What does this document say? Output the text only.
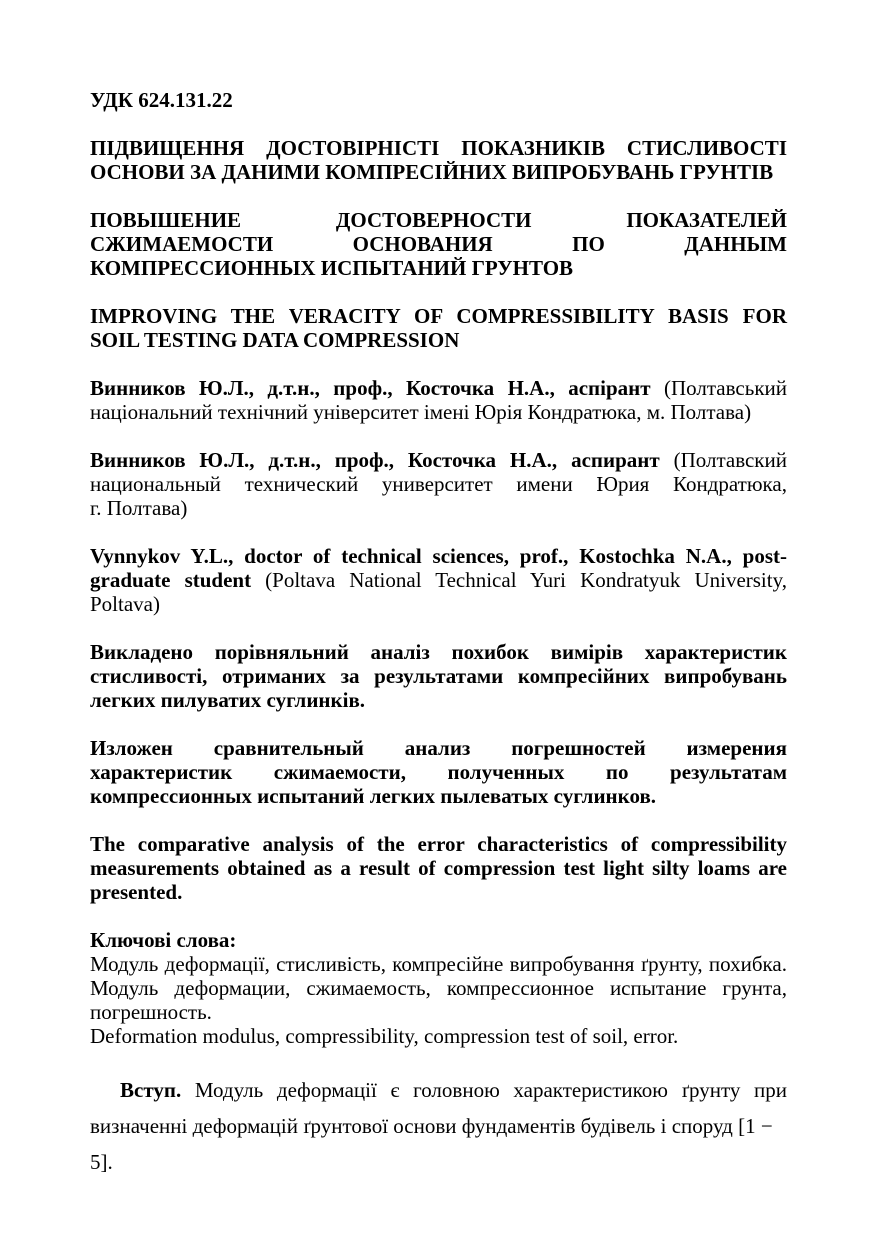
УДК 624.131.22
ПІДВИЩЕННЯ ДОСТОВІРНІСТІ ПОКАЗНИКІВ СТИСЛИВОСТІ
ОСНОВИ ЗА ДАНИМИ КОМПРЕСІЙНИХ ВИПРОБУВАНЬ ГРУНТІВ
ПОВЫШЕНИЕ ДОСТОВЕРНОСТИ ПОКАЗАТЕЛЕЙ
СЖИМАЕМОСТИ ОСНОВАНИЯ ПО ДАННЫМ
КОМПРЕССИОННЫХ ИСПЫТАНИЙ ГРУНТОВ
IMPROVING THE VERACITY OF COMPRESSIBILITY BASIS FOR
SOIL TESTING DATA COMPRESSION
Винников Ю.Л., д.т.н., проф., Косточка Н.А., аспірант (Полтавський
національний технічний університет імені Юрія Кондратюка, м. Полтава)
Винников Ю.Л., д.т.н., проф., Косточка Н.А., аспирант (Полтавский
национальный технический университет имени Юрия Кондратюка,
г. Полтава)
Vynnykov Y.L., doctor of technical sciences, prof., Kostochka N.A., post-
graduate student (Poltava National Technical Yuri Kondratyuk University,
Poltava)
Викладено порівняльний аналіз похибок вимірів характеристик
стисливості, отриманих за результатами компресійних випробувань
легких пилуватих суглинків.
Изложен сравнительный анализ погрешностей измерения
характеристик сжимаемости, полученных по результатам
компрессионных испытаний легких пылеватых суглинков.
The comparative analysis of the error characteristics of compressibility
measurements obtained as a result of compression test light silty loams are
presented.
Ключові слова:
Модуль деформації, стисливість, компресійне випробування ґрунту, похибка.
Модуль деформации, сжимаемость, компрессионное испытание грунта,
погрешность.
Deformation modulus, compressibility, compression test of soil, error.
Вступ. Модуль деформації є головною характеристикою ґрунту при
визначенні деформацій ґрунтової основи фундаментів будівель і споруд [1 − 5].
